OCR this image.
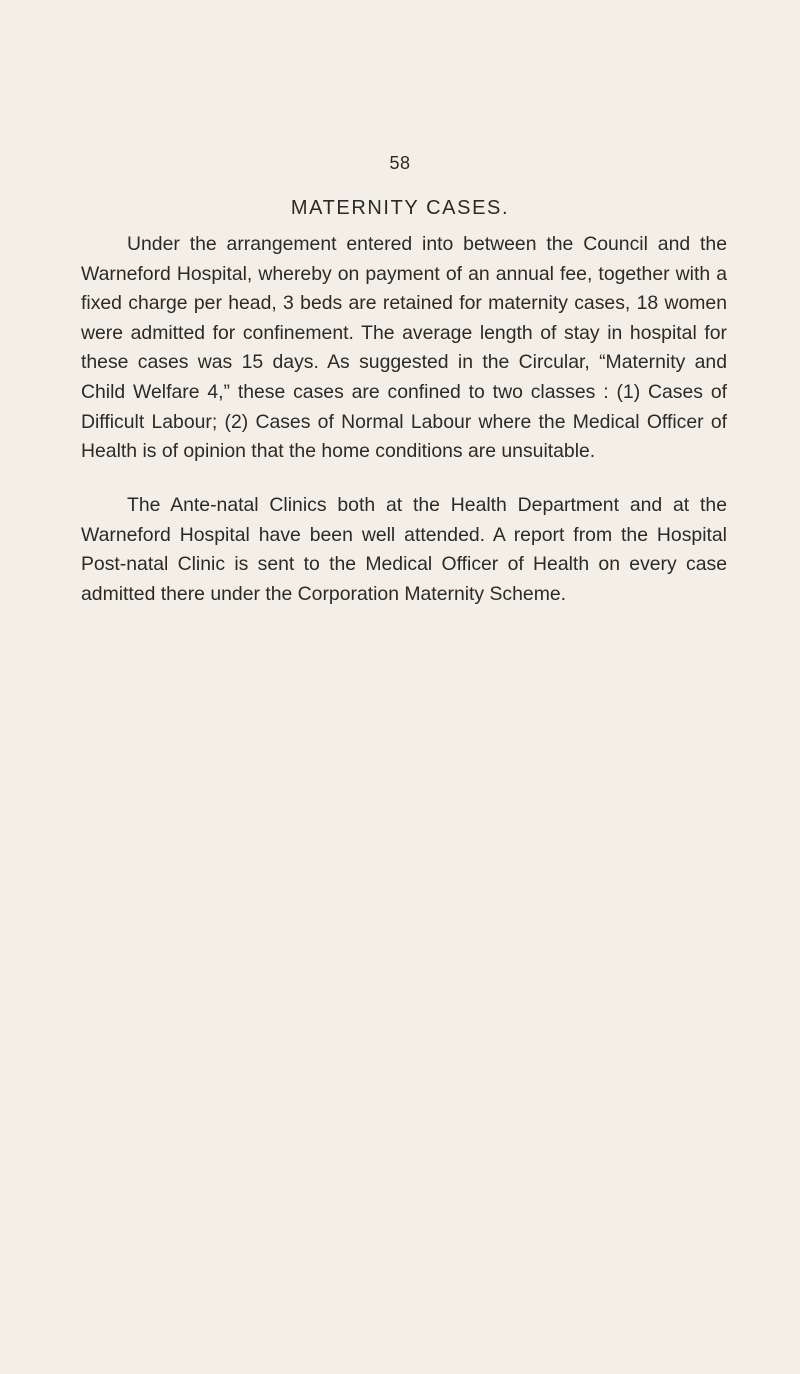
58
MATERNITY CASES.

Under the arrangement entered into between the Council and the Warneford Hospital, whereby on payment of an annual fee, together with a fixed charge per head, 3 beds are retained for maternity cases, 18 women were admitted for confinement. The average length of stay in hospital for these cases was 15 days. As suggested in the Circular, “Maternity and Child Welfare 4,” these cases are confined to two classes : (1) Cases of Difficult Labour; (2) Cases of Normal Labour where the Medical Officer of Health is of opinion that the home conditions are unsuitable.

The Ante-natal Clinics both at the Health Department and at the Warneford Hospital have been well attended. A report from the Hospital Post-natal Clinic is sent to the Medical Officer of Health on every case admitted there under the Corporation Maternity Scheme.
